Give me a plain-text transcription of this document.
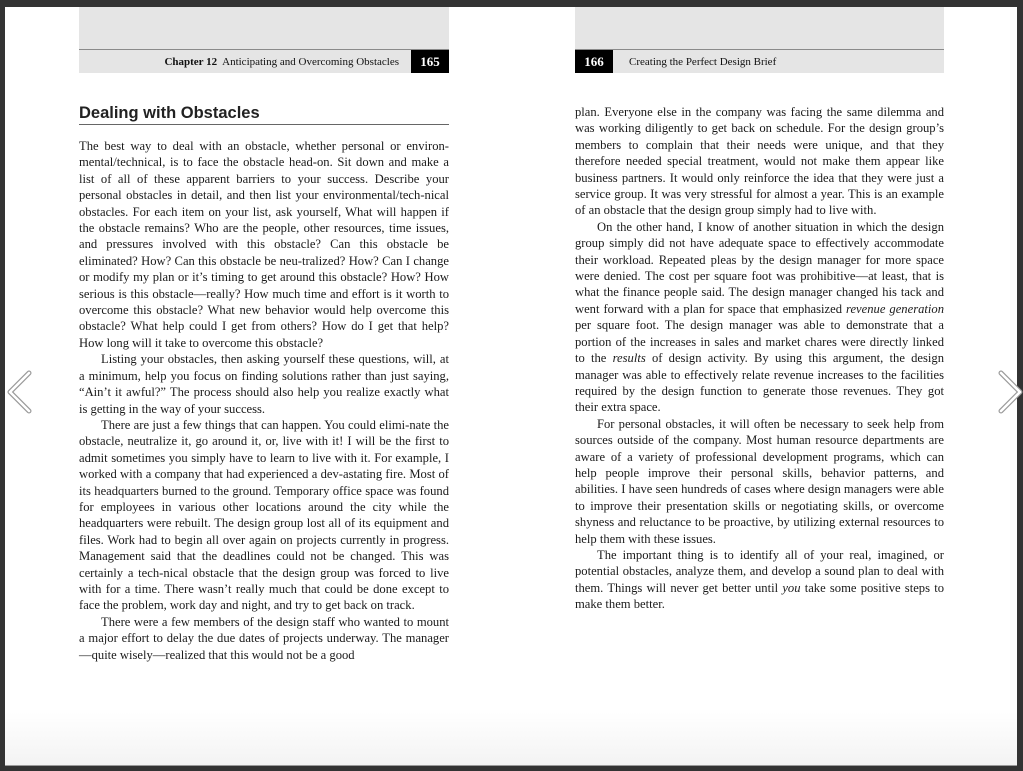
Chapter 12 Anticipating and Overcoming Obstacles	165
Dealing with Obstacles

The best way to deal with an obstacle, whether personal or environ-mental/technical, is to face the obstacle head-on. Sit down and make a list of all of these apparent barriers to your success. Describe your personal obstacles in detail, and then list your environmental/tech-nical obstacles. For each item on your list, ask yourself, What will happen if the obstacle remains? Who are the people, other resources, time issues, and pressures involved with this obstacle? Can this obstacle be eliminated? How? Can this obstacle be neu-tralized? How? Can I change or modify my plan or it’s timing to get around this obstacle? How? How serious is this obstacle—really? How much time and effort is it worth to overcome this obstacle? What new behavior would help overcome this obstacle? What help could I get from others? How do I get that help? How long will it take to overcome this obstacle?

Listing your obstacles, then asking yourself these questions, will, at a minimum, help you focus on finding solutions rather than just saying, “Ain’t it awful?” The process should also help you realize exactly what is getting in the way of your success.

There are just a few things that can happen. You could elimi-nate the obstacle, neutralize it, go around it, or, live with it! I will be the first to admit sometimes you simply have to learn to live with it. For example, I worked with a company that had experienced a dev-astating fire. Most of its headquarters burned to the ground. Temporary office space was found for employees in various other locations around the city while the headquarters were rebuilt. The design group lost all of its equipment and files. Work had to begin all over again on projects currently in progress. Management said that the deadlines could not be changed. This was certainly a tech-nical obstacle that the design group was forced to live with for a time. There wasn’t really much that could be done except to face the problem, work day and night, and try to get back on track.

There were a few members of the design staff who wanted to mount a major effort to delay the due dates of projects underway. The manager—quite wisely—realized that this would not be a good

166	Creating the Perfect Design Brief

plan. Everyone else in the company was facing the same dilemma and was working diligently to get back on schedule. For the design group’s members to complain that their needs were unique, and that they therefore needed special treatment, would not make them appear like business partners. It would only reinforce the idea that they were just a service group. It was very stressful for almost a year. This is an example of an obstacle that the design group simply had to live with.

On the other hand, I know of another situation in which the design group simply did not have adequate space to effectively accommodate their workload. Repeated pleas by the design manager for more space were denied. The cost per square foot was prohibitive—at least, that is what the finance people said. The design manager changed his tack and went forward with a plan for space that emphasized revenue generation per square foot. The design manager was able to demonstrate that a portion of the increases in sales and market chares were directly linked to the results of design activity. By using this argument, the design manager was able to effectively relate revenue increases to the facilities required by the design function to generate those revenues. They got their extra space.

For personal obstacles, it will often be necessary to seek help from sources outside of the company. Most human resource departments are aware of a variety of professional development programs, which can help people improve their personal skills, behavior patterns, and abilities. I have seen hundreds of cases where design managers were able to improve their presentation skills or negotiating skills, or overcome shyness and reluctance to be proactive, by utilizing external resources to help them with these issues.

The important thing is to identify all of your real, imagined, or potential obstacles, analyze them, and develop a sound plan to deal with them. Things will never get better until you take some positive steps to make them better.
